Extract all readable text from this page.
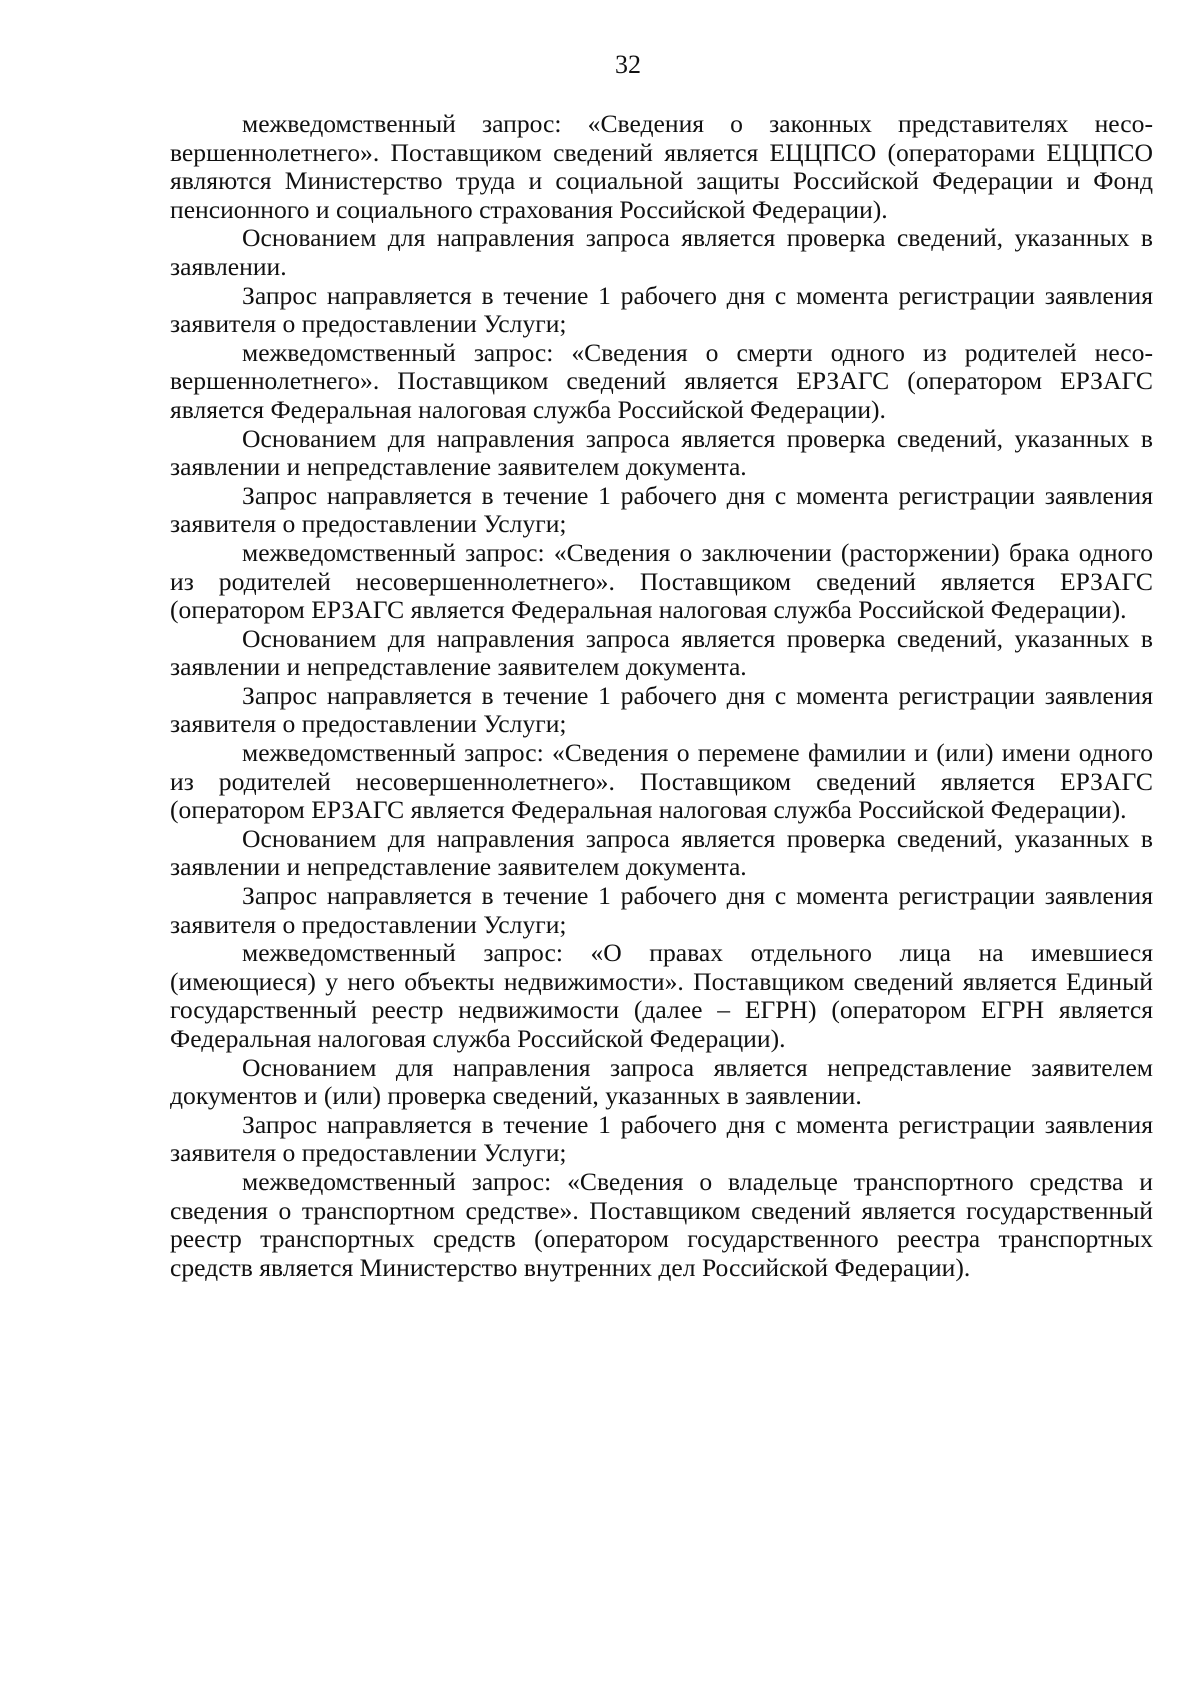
32

межведомственный запрос: «Сведения о законных представителях несовершеннолетнего». Поставщиком сведений является ЕЦЦПСО (операторами ЕЦЦПСО являются Министерство труда и социальной защиты Российской Федерации и Фонд пенсионного и социального страхования Российской Федерации).

Основанием для направления запроса является проверка сведений, указанных в заявлении.

Запрос направляется в течение 1 рабочего дня с момента регистрации заявления заявителя о предоставлении Услуги;

межведомственный запрос: «Сведения о смерти одного из родителей несовершеннолетнего». Поставщиком сведений является ЕРЗАГС (оператором ЕРЗАГС является Федеральная налоговая служба Российской Федерации).

Основанием для направления запроса является проверка сведений, указанных в заявлении и непредставление заявителем документа.

Запрос направляется в течение 1 рабочего дня с момента регистрации заявления заявителя о предоставлении Услуги;

межведомственный запрос: «Сведения о заключении (расторжении) брака одного из родителей несовершеннолетнего». Поставщиком сведений является ЕРЗАГС (оператором ЕРЗАГС является Федеральная налоговая служба Российской Федерации).

Основанием для направления запроса является проверка сведений, указанных в заявлении и непредставление заявителем документа.

Запрос направляется в течение 1 рабочего дня с момента регистрации заявления заявителя о предоставлении Услуги;

межведомственный запрос: «Сведения о перемене фамилии и (или) имени одного из родителей несовершеннолетнего». Поставщиком сведений является ЕРЗАГС (оператором ЕРЗАГС является Федеральная налоговая служба Российской Федерации).

Основанием для направления запроса является проверка сведений, указанных в заявлении и непредставление заявителем документа.

Запрос направляется в течение 1 рабочего дня с момента регистрации заявления заявителя о предоставлении Услуги;

межведомственный запрос: «О правах отдельного лица на имевшиеся (имеющиеся) у него объекты недвижимости». Поставщиком сведений является Единый государственный реестр недвижимости (далее – ЕГРН) (оператором ЕГРН является Федеральная налоговая служба Российской Федерации).

Основанием для направления запроса является непредставление заявителем документов и (или) проверка сведений, указанных в заявлении.

Запрос направляется в течение 1 рабочего дня с момента регистрации заявления заявителя о предоставлении Услуги;

межведомственный запрос: «Сведения о владельце транспортного средства и сведения о транспортном средстве». Поставщиком сведений является государственный реестр транспортных средств (оператором государственного реестра транспортных средств является Министерство внутренних дел Российской Федерации).
